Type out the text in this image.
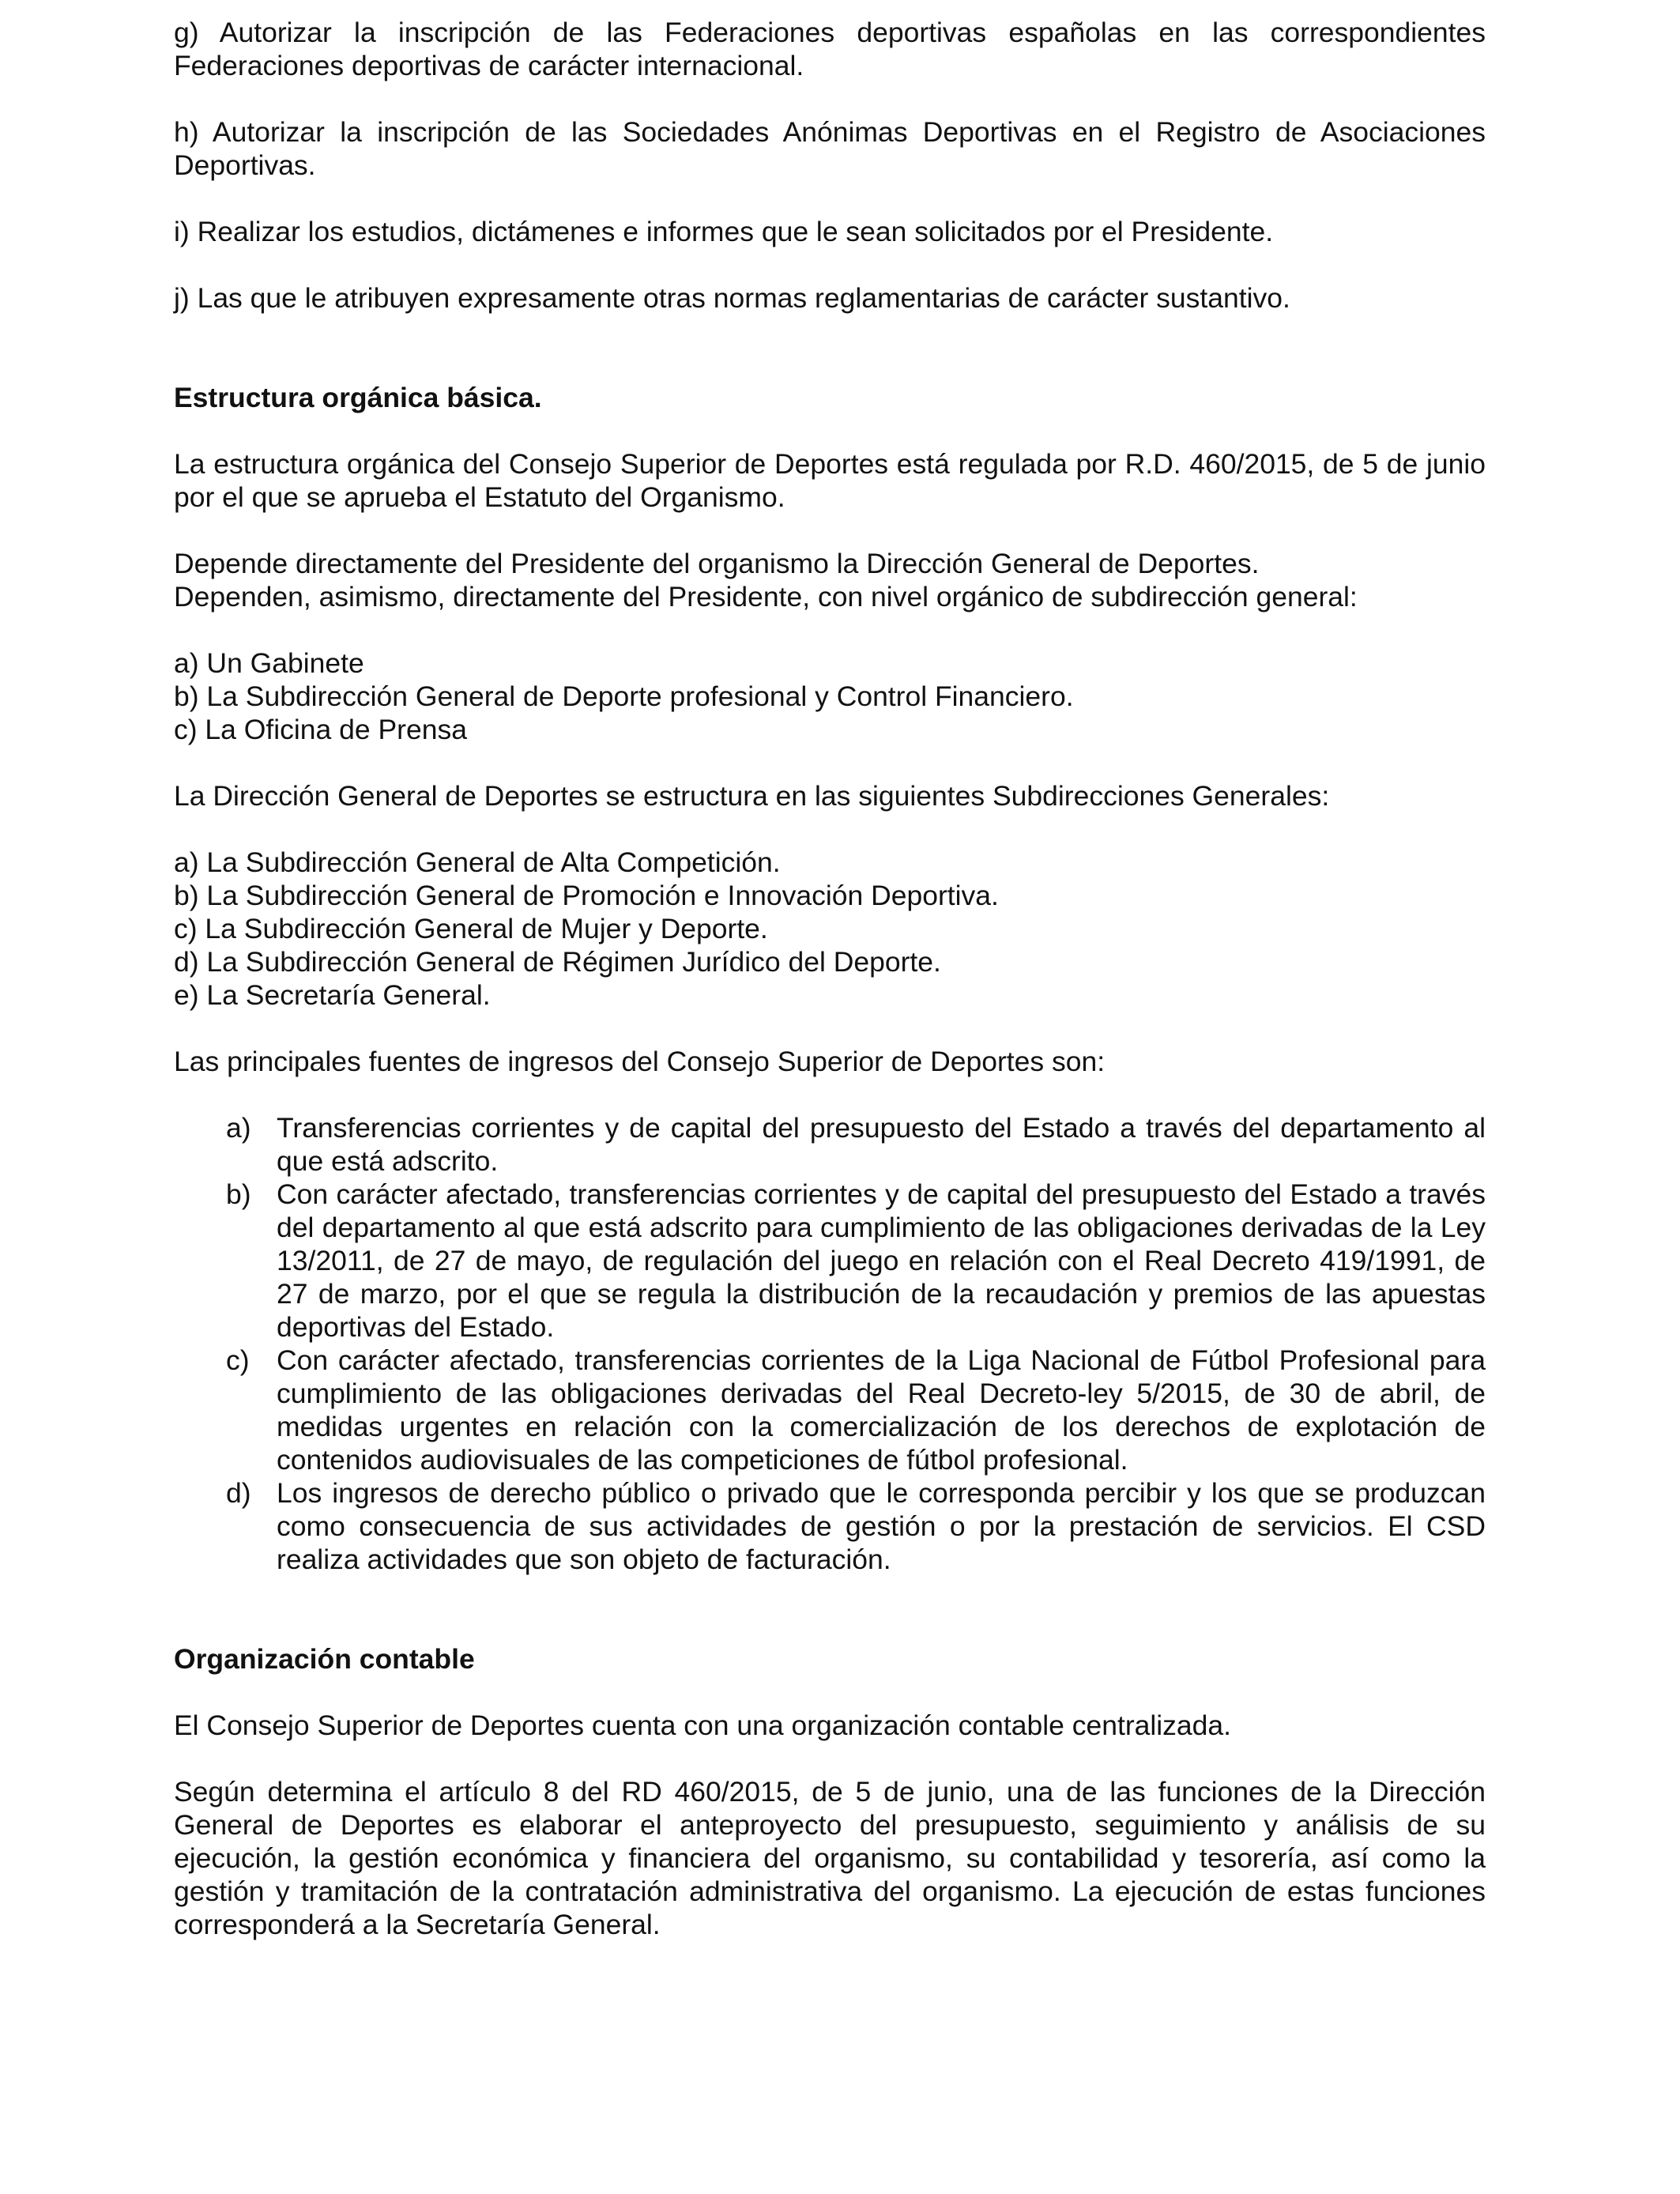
g) Autorizar la inscripción de las Federaciones deportivas españolas en las correspondientes Federaciones deportivas de carácter internacional.

h) Autorizar la inscripción de las Sociedades Anónimas Deportivas en el Registro de Asociaciones Deportivas.

i) Realizar los estudios, dictámenes e informes que le sean solicitados por el Presidente.

j) Las que le atribuyen expresamente otras normas reglamentarias de carácter sustantivo.

Estructura orgánica básica.

La estructura orgánica del Consejo Superior de Deportes está regulada por R.D. 460/2015, de 5 de junio por el que se aprueba el Estatuto del Organismo.

Depende directamente del Presidente del organismo la Dirección General de Deportes.
Dependen, asimismo, directamente del Presidente, con nivel orgánico de subdirección general:
a) Un Gabinete
b) La Subdirección General de Deporte profesional y Control Financiero.
c) La Oficina de Prensa

La Dirección General de Deportes se estructura en las siguientes Subdirecciones Generales:

a) La Subdirección General de Alta Competición.
b) La Subdirección General de Promoción e Innovación Deportiva.
c) La Subdirección General de Mujer y Deporte.
d) La Subdirección General de Régimen Jurídico del Deporte.
e) La Secretaría General.

Las principales fuentes de ingresos del Consejo Superior de Deportes son:

a) Transferencias corrientes y de capital del presupuesto del Estado a través del departamento al que está adscrito.
b) Con carácter afectado, transferencias corrientes y de capital del presupuesto del Estado a través del departamento al que está adscrito para cumplimiento de las obligaciones derivadas de la Ley 13/2011, de 27 de mayo, de regulación del juego en relación con el Real Decreto 419/1991, de 27 de marzo, por el que se regula la distribución de la recaudación y premios de las apuestas deportivas del Estado.
c) Con carácter afectado, transferencias corrientes de la Liga Nacional de Fútbol Profesional para cumplimiento de las obligaciones derivadas del Real Decreto-ley 5/2015, de 30 de abril, de medidas urgentes en relación con la comercialización de los derechos de explotación de contenidos audiovisuales de las competiciones de fútbol profesional.
d) Los ingresos de derecho público o privado que le corresponda percibir y los que se produzcan como consecuencia de sus actividades de gestión o por la prestación de servicios. El CSD realiza actividades que son objeto de facturación.

Organización contable

El Consejo Superior de Deportes cuenta con una organización contable centralizada.

Según determina el artículo 8 del RD 460/2015, de 5 de junio, una de las funciones de la Dirección General de Deportes es elaborar el anteproyecto del presupuesto, seguimiento y análisis de su ejecución, la gestión económica y financiera del organismo, su contabilidad y tesorería, así como la gestión y tramitación de la contratación administrativa del organismo. La ejecución de estas funciones corresponderá a la Secretaría General.
